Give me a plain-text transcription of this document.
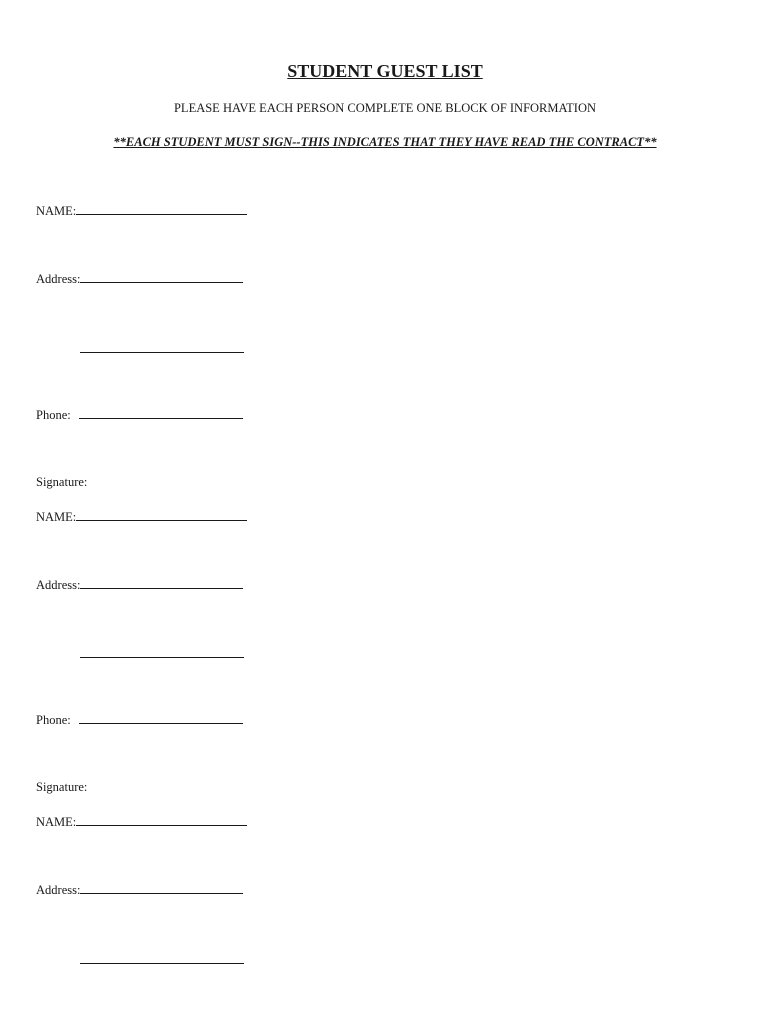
STUDENT GUEST LIST
PLEASE HAVE EACH PERSON COMPLETE ONE BLOCK OF INFORMATION
**EACH STUDENT MUST SIGN--THIS INDICATES THAT THEY HAVE READ THE CONTRACT**
NAME:
Address:
Phone:
Signature:
NAME:
Address:
Phone:
Signature:
NAME:
Address:
